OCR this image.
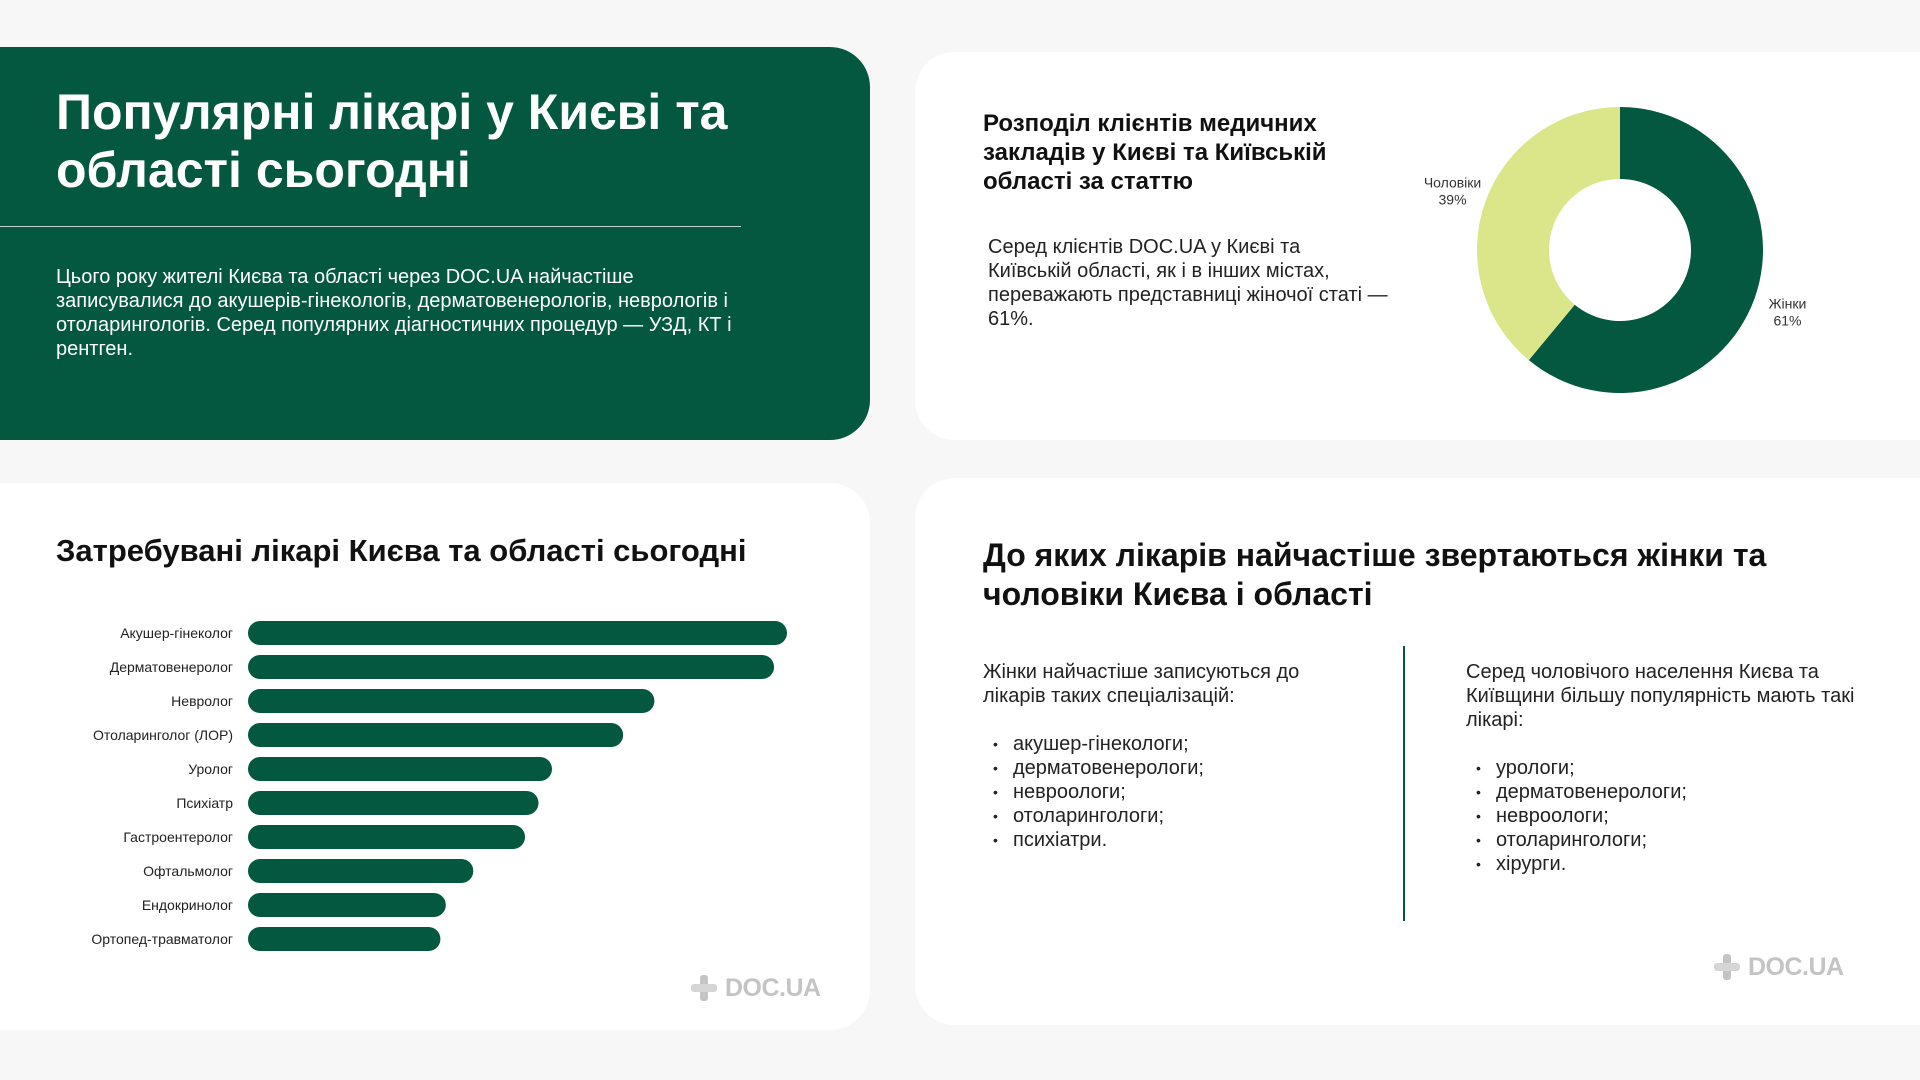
Популярні лікарі у Києві та області сьогодні

Цього року жителі Києва та області через DOC.UA найчастіше записувалися до акушерів-гінекологів, дерматовенерологів, неврологів і отоларингологів. Серед популярних діагностичних процедур — УЗД, КТ і рентген.

Розподіл клієнтів медичних закладів у Києві та Київській області за статтю

Серед клієнтів DOC.UA у Києві та Київській області, як і в інших містах, переважають представниці жіночої статі — 61%.

Жінки
61%
Чоловіки
39%
Затребувані лікарі Києва та області сьогодні
Акушер-гінеколог
Дерматовенеролог
Невролог
Отоларинголог (ЛОР)
Уролог
Психіатр
Гастроентеролог
Офтальмолог
Ендокринолог
Ортопед-травматолог
DOC.UA
До яких лікарів найчастіше звертаються жінки та чоловіки Києва і області
Жінки найчастіше записуються до лікарів таких спеціалізацій:
• акушер-гінекологи;
• дерматовенерологи;
• невроологи;
• отоларингологи;
• психіатри.
Серед чоловічого населення Києва та Київщини більшу популярність мають такі лікарі:
• урологи;
• дерматовенерологи;
• невроологи;
• отоларингологи;
• хірурги.
DOC.UA
